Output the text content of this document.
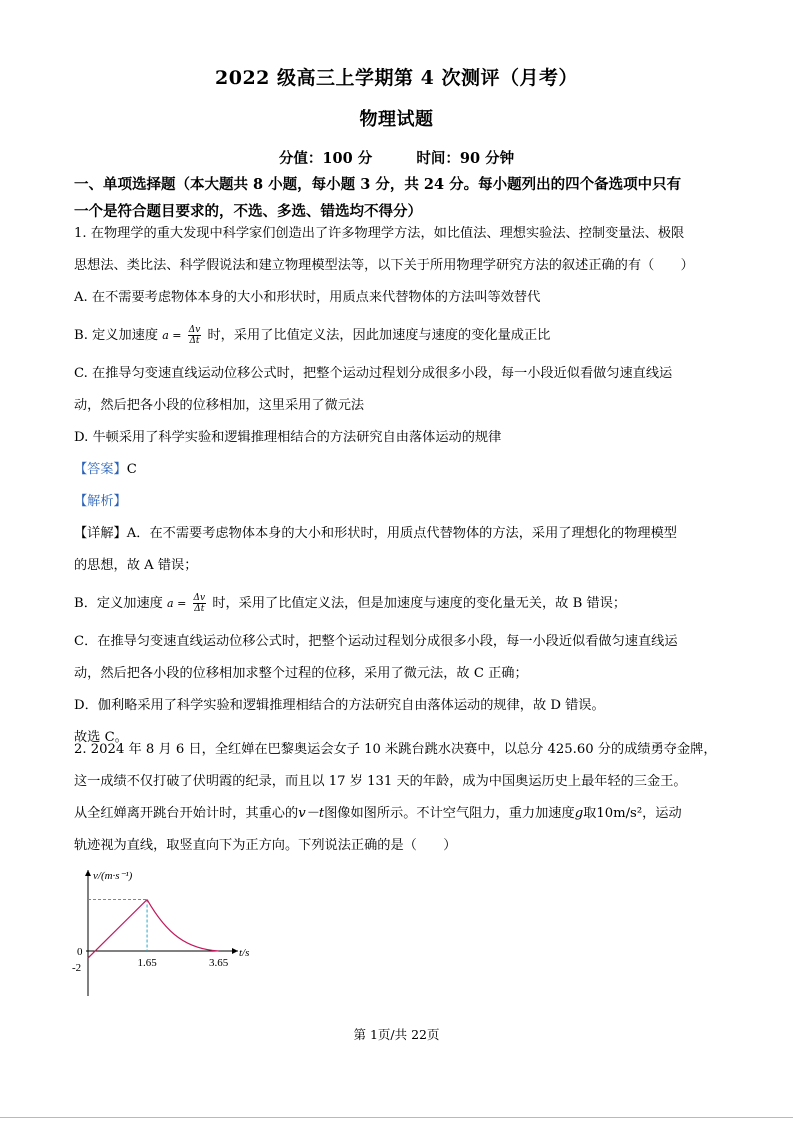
2022 级高三上学期第 4 次测评（月考）
物理试题
分值：100 分	时间：90 分钟
一、单项选择题（本大题共 8 小题，每小题 3 分，共 24 分。每小题列出的四个备选项中只有
一个是符合题目要求的，不选、多选、错选均不得分）
1. 在物理学的重大发现中科学家们创造出了许多物理学方法，如比值法、理想实验法、控制变量法、极限
思想法、类比法、科学假说法和建立物理模型法等，以下关于所用物理学研究方法的叙述正确的有（　　）
A. 在不需要考虑物体本身的大小和形状时，用质点来代替物体的方法叫等效替代
B. 定义加速度 $a = \frac{\Delta v}{\Delta t}$ 时，采用了比值定义法，因此加速度与速度的变化量成正比
C. 在推导匀变速直线运动位移公式时，把整个运动过程划分成很多小段，每一小段近似看做匀速直线运
动，然后把各小段的位移相加，这里采用了微元法
D. 牛顿采用了科学实验和逻辑推理相结合的方法研究自由落体运动的规律
【答案】C
【解析】
【详解】A．在不需要考虑物体本身的大小和形状时，用质点代替物体的方法，采用了理想化的物理模型
的思想，故 A 错误；
B．定义加速度 $a = \frac{\Delta v}{\Delta t}$ 时，采用了比值定义法，但是加速度与速度的变化量无关，故 B 错误；
C．在推导匀变速直线运动位移公式时，把整个运动过程划分成很多小段，每一小段近似看做匀速直线运
动，然后把各小段的位移相加求整个过程的位移，采用了微元法，故 C 正确；
D．伽利略采用了科学实验和逻辑推理相结合的方法研究自由落体运动的规律，故 D 错误。
故选 C。
2. 2024 年 8 月 6 日，全红婵在巴黎奥运会女子 10 米跳台跳水决赛中，以总分 425.60 分的成绩勇夺金牌，
这一成绩不仅打破了伏明霞的纪录，而且以 17 岁 131 天的年龄，成为中国奥运历史上最年轻的三金王。
从全红婵离开跳台开始计时，其重心的v－t图像如图所示。不计空气阻力，重力加速度g取10m/s²，运动
轨迹视为直线，取竖直向下为正方向。下列说法正确的是（　　）
v/(m·s⁻¹)
t/s
0
-2	1.65	3.65
第 1页/共 22页
